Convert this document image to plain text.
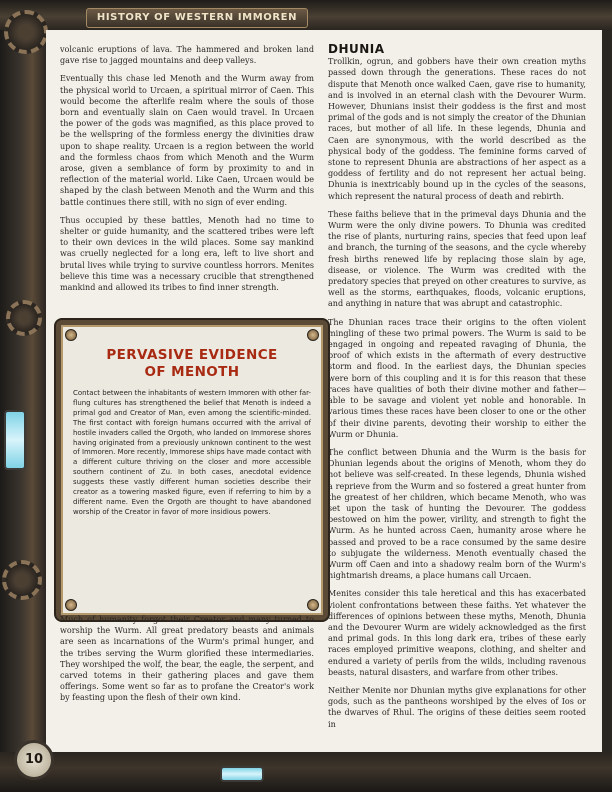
HISTORY OF WESTERN IMMOREN

volcanic eruptions of lava. The hammered and broken land gave rise to jagged mountains and deep valleys.

Eventually this chase led Menoth and the Wurm away from the physical world to Urcaen, a spiritual mirror of Caen. This would become the afterlife realm where the souls of those born and eventually slain on Caen would travel. In Urcaen the power of the gods was magnified, as this place proved to be the wellspring of the formless energy the divinities draw upon to shape reality. Urcaen is a region between the world and the formless chaos from which Menoth and the Wurm arose, given a semblance of form by proximity to and in reflection of the material world. Like Caen, Urcaen would be shaped by the clash between Menoth and the Wurm and this battle continues there still, with no sign of ever ending.

Thus occupied by these battles, Menoth had no time to shelter or guide humanity, and the scattered tribes were left to their own devices in the wild places. Some say mankind was cruelly neglected for a long era, left to live short and brutal lives while trying to survive countless horrors. Menites believe this time was a necessary crucible that strengthened mankind and allowed its tribes to find inner strength.

PERVASIVE EVIDENCE
OF MENOTH
Contact between the inhabitants of western Immoren with other far-flung cultures has strengthened the belief that Menoth is indeed a primal god and Creator of Man, even among the scientific-minded. The first contact with foreign humans occurred with the arrival of hostile invaders called the Orgoth, who landed on Immorese shores having originated from a previously unknown continent to the west of Immoren. More recently, Immorese ships have made contact with a different culture thriving on the closer and more accessible southern continent of Zu. In both cases, anecdotal evidence suggests these vastly different human societies describe their creator as a towering masked figure, even if referring to him by a different name. Even the Orgoth are thought to have abandoned worship of the Creator in favor of more insidious powers.

Much of humanity forgot their Creator and many turned to worship the Wurm. All great predatory beasts and animals are seen as incarnations of the Wurm's primal hunger, and the tribes serving the Wurm glorified these intermediaries. They worshiped the wolf, the bear, the eagle, the serpent, and carved totems in their gathering places and gave them offerings. Some went so far as to profane the Creator's work by feasting upon the flesh of their own kind.

DHUNIA

Trollkin, ogrun, and gobbers have their own creation myths passed down through the generations. These races do not dispute that Menoth once walked Caen, gave rise to humanity, and is involved in an eternal clash with the Devourer Wurm. However, Dhunians insist their goddess is the first and most primal of the gods and is not simply the creator of the Dhunian races, but mother of all life. In these legends, Dhunia and Caen are synonymous, with the world described as the physical body of the goddess. The feminine forms carved of stone to represent Dhunia are abstractions of her aspect as a goddess of fertility and do not represent her actual being. Dhunia is inextricably bound up in the cycles of the seasons, which represent the natural process of death and rebirth.

These faiths believe that in the primeval days Dhunia and the Wurm were the only divine powers. To Dhunia was credited the rise of plants, nurturing rains, species that feed upon leaf and branch, the turning of the seasons, and the cycle whereby fresh births renewed life by replacing those slain by age, disease, or violence. The Wurm was credited with the predatory species that preyed on other creatures to survive, as well as the storms, earthquakes, floods, volcanic eruptions, and anything in nature that was abrupt and catastrophic.

The Dhunian races trace their origins to the often violent mingling of these two primal powers. The Wurm is said to be engaged in ongoing and repeated ravaging of Dhunia, the proof of which exists in the aftermath of every destructive storm and flood. In the earliest days, the Dhunian species were born of this coupling and it is for this reason that these races have qualities of both their divine mother and father—able to be savage and violent yet noble and honorable. In various times these races have been closer to one or the other of their divine parents, devoting their worship to either the Wurm or Dhunia.

The conflict between Dhunia and the Wurm is the basis for Dhunian legends about the origins of Menoth, whom they do not believe was self-created. In these legends, Dhunia wished a reprieve from the Wurm and so fostered a great hunter from the greatest of her children, which became Menoth, who was set upon the task of hunting the Devourer. The goddess bestowed on him the power, virility, and strength to fight the Wurm. As he hunted across Caen, humanity arose where he passed and proved to be a race consumed by the same desire to subjugate the wilderness. Menoth eventually chased the Wurm off Caen and into a shadowy realm born of the Wurm's nightmarish dreams, a place humans call Urcaen.

Menites consider this tale heretical and this has exacerbated violent confrontations between these faiths. Yet whatever the differences of opinions between these myths, Menoth, Dhunia and the Devourer Wurm are widely acknowledged as the first and primal gods. In this long dark era, tribes of these early races employed primitive weapons, clothing, and shelter and endured a variety of perils from the wilds, including ravenous beasts, natural disasters, and warfare from other tribes.

Neither Menite nor Dhunian myths give explanations for other gods, such as the pantheons worshiped by the elves of Ios or the dwarves of Rhul. The origins of these deities seem rooted in

10
